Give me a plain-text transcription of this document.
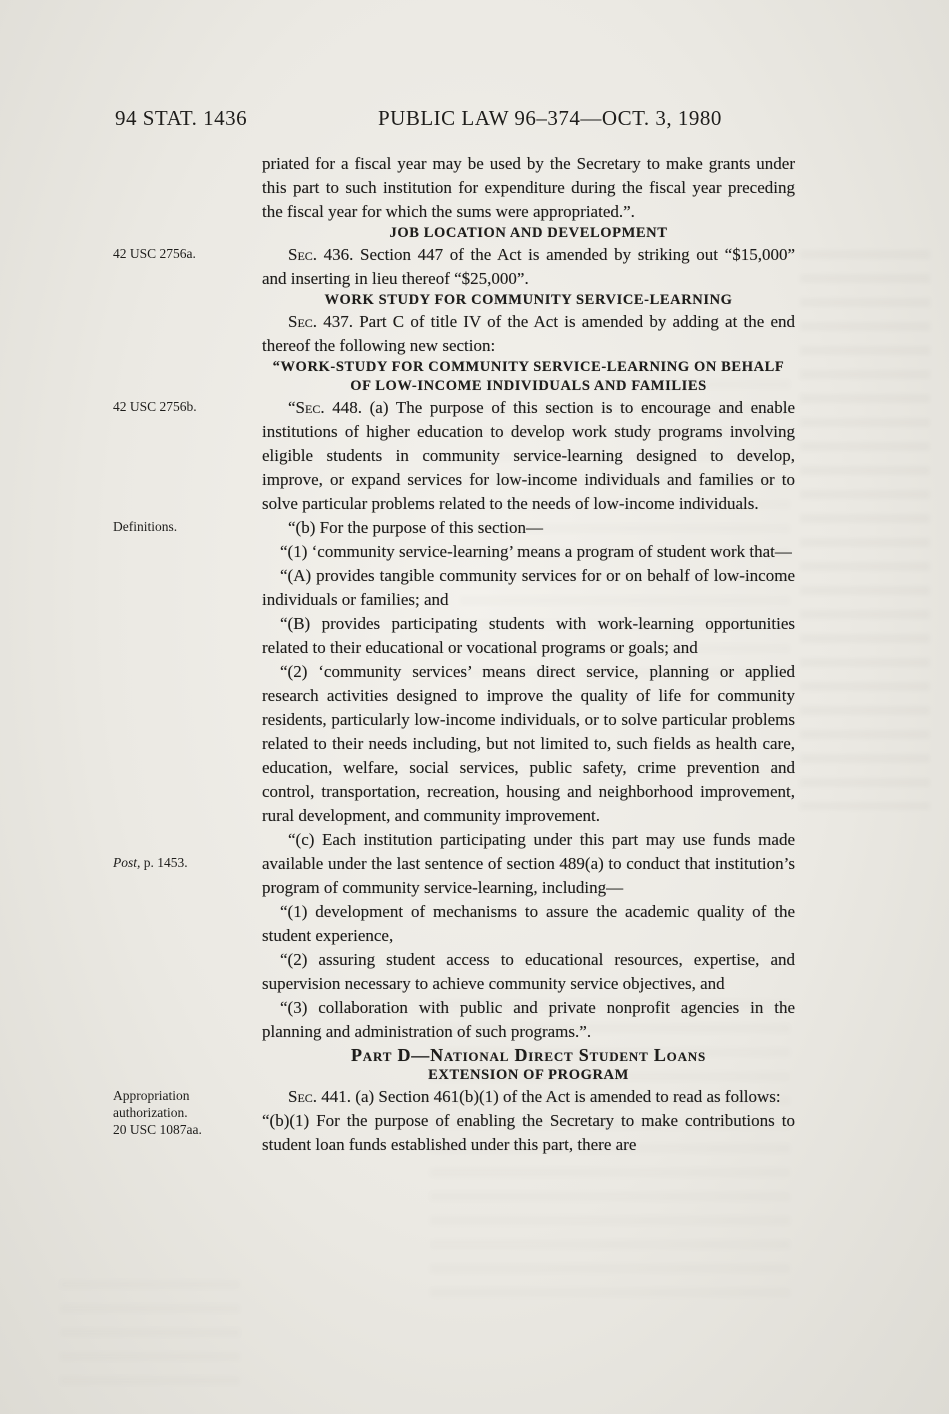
94 STAT. 1436	PUBLIC LAW 96–374—OCT. 3, 1980

priated for a fiscal year may be used by the Secretary to make grants under this part to such institution for expenditure during the fiscal year preceding the fiscal year for which the sums were appropriated.”.

JOB LOCATION AND DEVELOPMENT

42 USC 2756a.	Sec. 436. Section 447 of the Act is amended by striking out “$15,000” and inserting in lieu thereof “$25,000”.

WORK STUDY FOR COMMUNITY SERVICE-LEARNING

Sec. 437. Part C of title IV of the Act is amended by adding at the end thereof the following new section:

“WORK-STUDY FOR COMMUNITY SERVICE-LEARNING ON BEHALF OF LOW-INCOME INDIVIDUALS AND FAMILIES

42 USC 2756b.	“Sec. 448. (a) The purpose of this section is to encourage and enable institutions of higher education to develop work study programs involving eligible students in community service-learning designed to develop, improve, or expand services for low-income individuals and families or to solve particular problems related to the needs of low-income individuals.

Definitions.	“(b) For the purpose of this section—

“(1) ‘community service-learning’ means a program of student work that—

“(A) provides tangible community services for or on behalf of low-income individuals or families; and

“(B) provides participating students with work-learning opportunities related to their educational or vocational programs or goals; and

“(2) ‘community services’ means direct service, planning or applied research activities designed to improve the quality of life for community residents, particularly low-income individuals, or to solve particular problems related to their needs including, but not limited to, such fields as health care, education, welfare, social services, public safety, crime prevention and control, transportation, recreation, housing and neighborhood improvement, rural development, and community improvement.

Post, p. 1453.
“(c) Each institution participating under this part may use funds made available under the last sentence of section 489(a) to conduct that institution’s program of community service-learning, including—

“(1) development of mechanisms to assure the academic quality of the student experience,

“(2) assuring student access to educational resources, expertise, and supervision necessary to achieve community service objectives, and

“(3) collaboration with public and private nonprofit agencies in the planning and administration of such programs.”.

Part D—National Direct Student Loans

EXTENSION OF PROGRAM

Appropriation authorization.
20 USC 1087aa.
Sec. 441. (a) Section 461(b)(1) of the Act is amended to read as follows:

“(b)(1) For the purpose of enabling the Secretary to make contributions to student loan funds established under this part, there are
